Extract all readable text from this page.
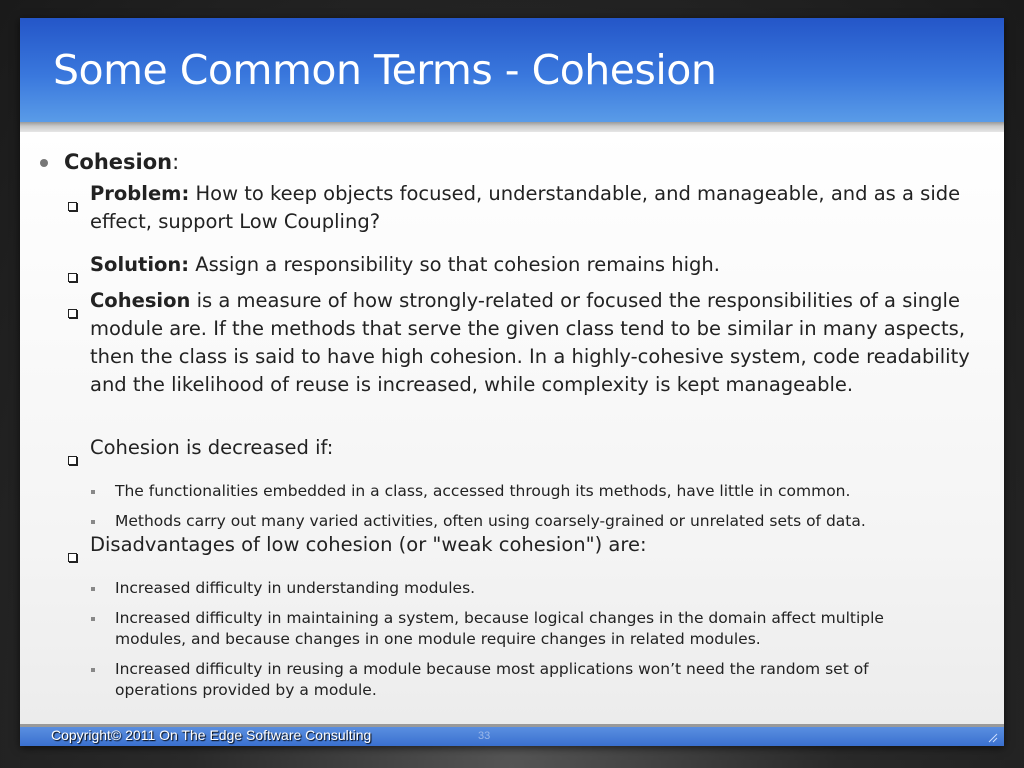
Some Common Terms - Cohesion
Cohesion:

Problem: How to keep objects focused, understandable, and manageable, and as a side effect, support Low Coupling?

Solution: Assign a responsibility so that cohesion remains high.

Cohesion is a measure of how strongly-related or focused the responsibilities of a single module are. If the methods that serve the given class tend to be similar in many aspects, then the class is said to have high cohesion. In a highly-cohesive system, code readability and the likelihood of reuse is increased, while complexity is kept manageable.

Cohesion is decreased if:

The functionalities embedded in a class, accessed through its methods, have little in common.

Methods carry out many varied activities, often using coarsely-grained or unrelated sets of data.

Disadvantages of low cohesion (or "weak cohesion") are:

Increased difficulty in understanding modules.

Increased difficulty in maintaining a system, because logical changes in the domain affect multiple modules, and because changes in one module require changes in related modules.

Increased difficulty in reusing a module because most applications won’t need the random set of operations provided by a module.

Copyright© 2011 On The Edge Software Consulting	33
